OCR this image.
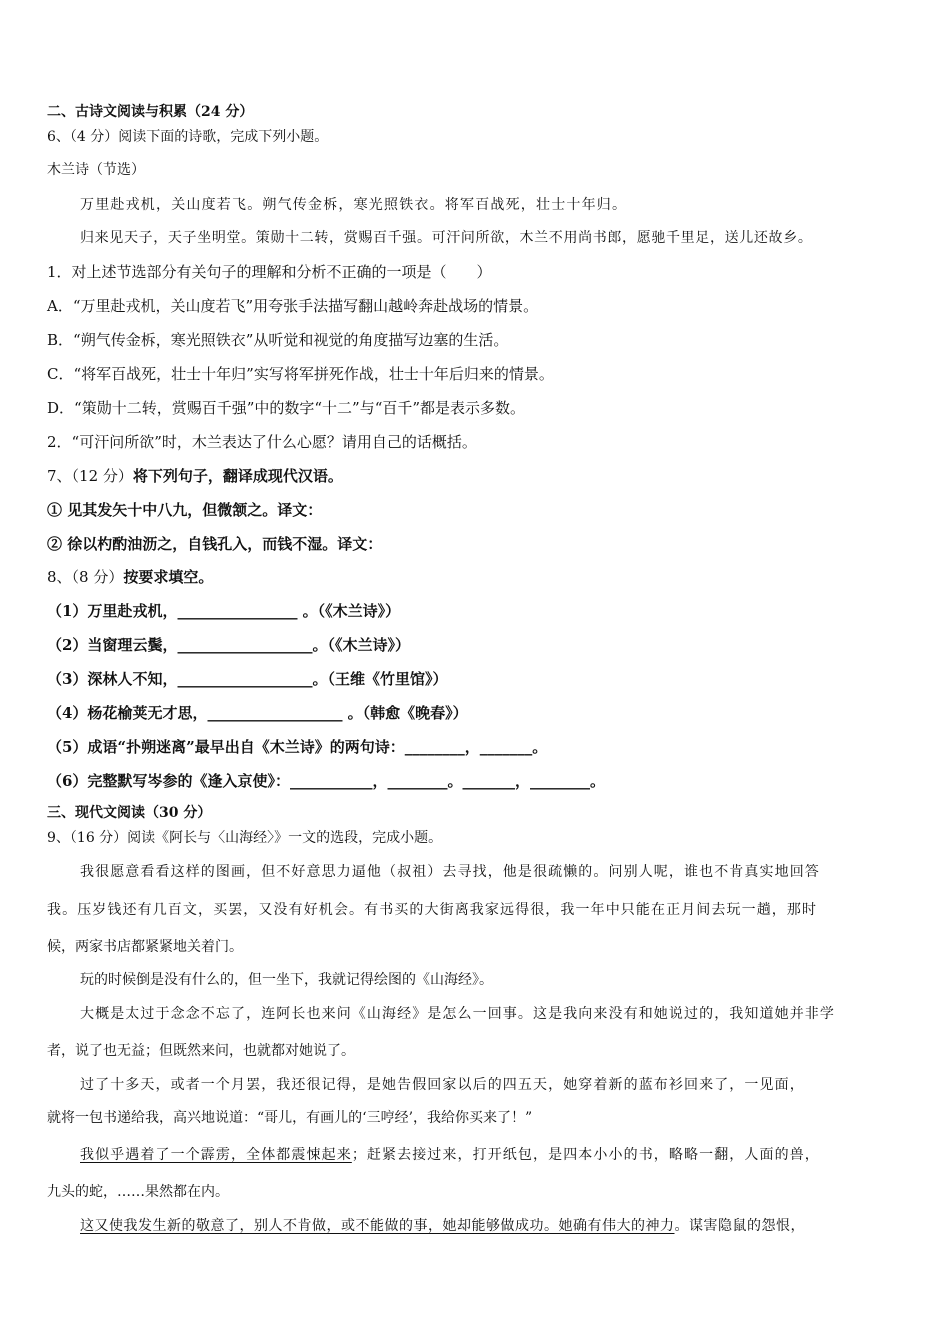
二、古诗文阅读与积累（24 分）
6、（4 分）阅读下面的诗歌，完成下列小题。
木兰诗（节选）
万里赴戎机，关山度若飞。朔气传金柝，寒光照铁衣。将军百战死，壮士十年归。
归来见天子，天子坐明堂。策勋十二转，赏赐百千强。可汗问所欲，木兰不用尚书郎，愿驰千里足，送儿还故乡。
1．对上述节选部分有关句子的理解和分析不正确的一项是（　　）
A．“万里赴戎机，关山度若飞”用夸张手法描写翻山越岭奔赴战场的情景。
B．“朔气传金柝，寒光照铁衣”从听觉和视觉的角度描写边塞的生活。
C．“将军百战死，壮士十年归”实写将军拼死作战，壮士十年后归来的情景。
D．“策勋十二转，赏赐百千强”中的数字“十二”与“百千”都是表示多数。
2．“可汗问所欲”时，木兰表达了什么心愿？请用自己的话概括。
7、（12 分）将下列句子，翻译成现代汉语。
① 见其发矢十中八九，但微颔之。译文：
② 徐以杓酌油沥之，自钱孔入，而钱不湿。译文：
8、（8 分）按要求填空。
（1）万里赴戎机，________________ 。（《木兰诗》）
（2）当窗理云鬓，__________________。（《木兰诗》）
（3）深林人不知，__________________。（王维《竹里馆》）
（4）杨花榆荚无才思，__________________ 。（韩愈《晚春》）
（5）成语“扑朔迷离”最早出自《木兰诗》的两句诗：________，_______。
（6）完整默写岑参的《逢入京使》：___________，________。_______，________。
三、现代文阅读（30 分）
9、（16 分）阅读《阿长与〈山海经〉》一文的选段，完成小题。
我很愿意看看这样的图画，但不好意思力逼他（叔祖）去寻找，他是很疏懒的。问别人呢，谁也不肯真实地回答
我。压岁钱还有几百文，买罢，又没有好机会。有书买的大街离我家远得很，我一年中只能在正月间去玩一趟，那时
候，两家书店都紧紧地关着门。
玩的时候倒是没有什么的，但一坐下，我就记得绘图的《山海经》。
大概是太过于念念不忘了，连阿长也来问《山海经》是怎么一回事。这是我向来没有和她说过的，我知道她并非学
者，说了也无益；但既然来问，也就都对她说了。
过了十多天，或者一个月罢，我还很记得，是她告假回家以后的四五天，她穿着新的蓝布衫回来了，一见面，
就将一包书递给我，高兴地说道：“哥儿，有画儿的‘三哼经’，我给你买来了！”
我似乎遇着了一个霹雳，全体都震悚起来；赶紧去接过来，打开纸包，是四本小小的书，略略一翻，人面的兽，
九头的蛇，……果然都在内。
这又使我发生新的敬意了，别人不肯做，或不能做的事，她却能够做成功。她确有伟大的神力。谋害隐鼠的怨恨，
